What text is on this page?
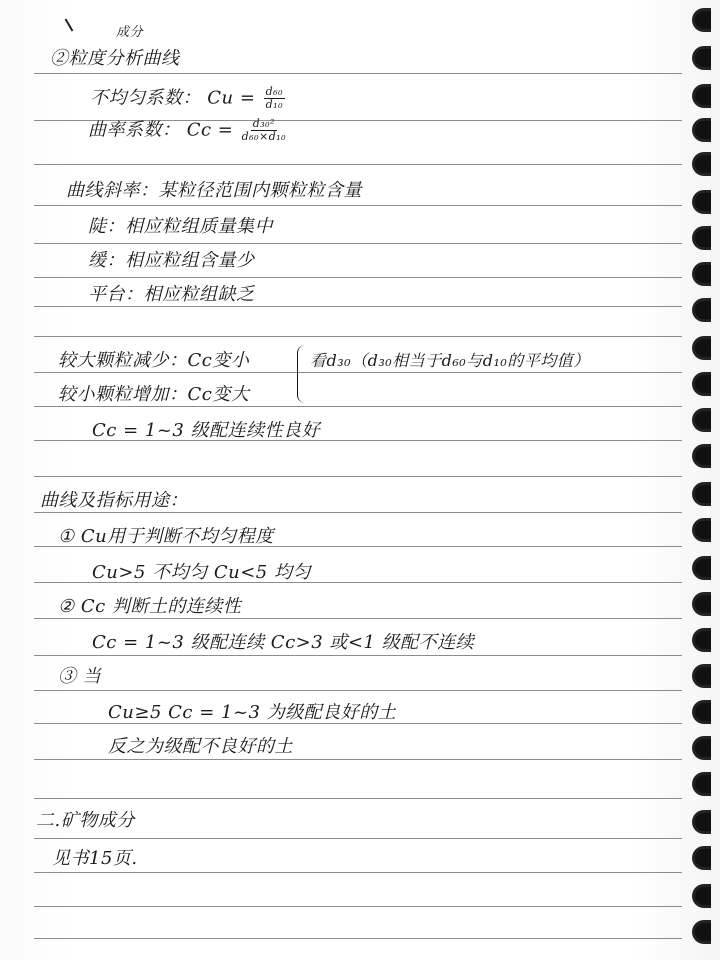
成分
②粒度分析曲线
不均匀系数： $Cu = \frac{\text{d₆₀}}{\text{d₁₀}}$
曲率系数： $Cc = \frac{\text{d₃₀²}}{\text{d₆₀×d₁₀}}$
曲线斜率：某粒径范围内颗粒粒含量
陡：相应粒组质量集中
缓：相应粒组含量少
平台：相应粒组缺乏
较大颗粒减少：Cc变小
较小颗粒增加：Cc变大
看d₃₀（d₃₀相当于d₆₀与d₁₀的平均值）
Cc = 1~3 级配连续性良好
曲线及指标用途：
① Cu用于判断不均匀程度
Cu>5 不均匀 Cu<5 均匀
② Cc 判断土的连续性
Cc = 1~3 级配连续 Cc>3 或<1 级配不连续
③ 当
Cu≥5 Cc = 1~3 为级配良好的土
反之为级配不良好的土
二.矿物成分
见书15页.
